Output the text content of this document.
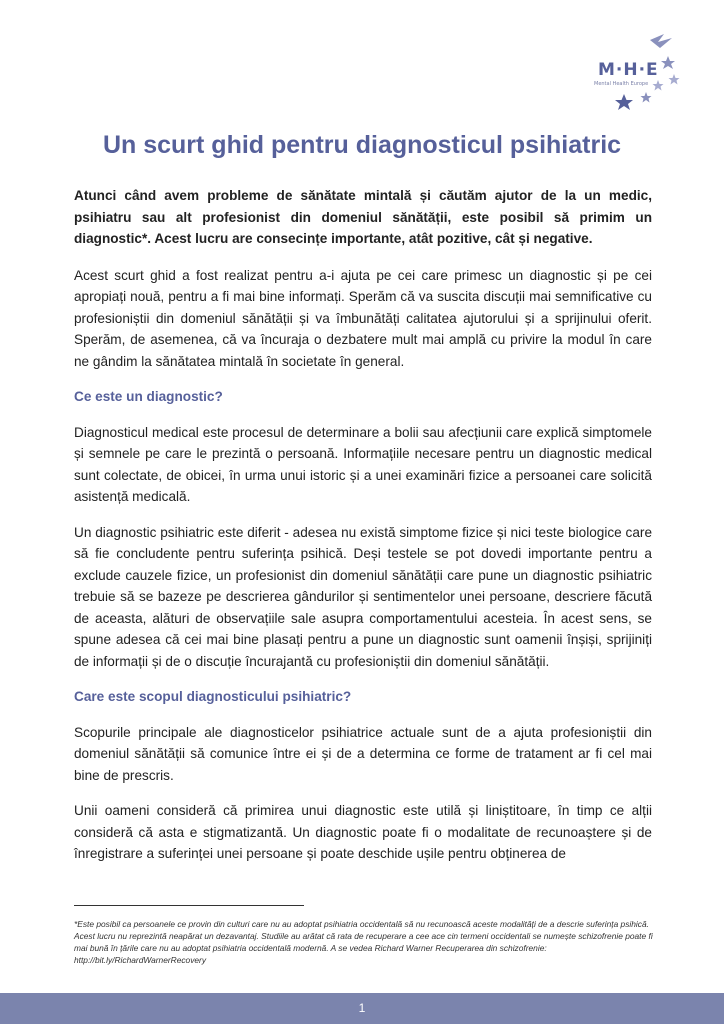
M·H·E
Mental Health Europe
Un scurt ghid pentru diagnosticul psihiatric

Atunci când avem probleme de sănătate mintală și căutăm ajutor de la un medic, psihiatru sau alt profesionist din domeniul sănătății, este posibil să primim un diagnostic*. Acest lucru are consecințe importante, atât pozitive, cât și negative.

Acest scurt ghid a fost realizat pentru a-i ajuta pe cei care primesc un diagnostic și pe cei apropiați nouă, pentru a fi mai bine informați. Sperăm că va suscita discuții mai semnificative cu profesioniștii din domeniul sănătății și va îmbunătăți calitatea ajutorului și a sprijinului oferit. Sperăm, de asemenea, că va încuraja o dezbatere mult mai amplă cu privire la modul în care ne gândim la sănătatea mintală în societate în general.

Ce este un diagnostic?

Diagnosticul medical este procesul de determinare a bolii sau afecțiunii care explică simptomele și semnele pe care le prezintă o persoană. Informațiile necesare pentru un diagnostic medical sunt colectate, de obicei, în urma unui istoric și a unei examinări fizice a persoanei care solicită asistență medicală.

Un diagnostic psihiatric este diferit - adesea nu există simptome fizice și nici teste biologice care să fie concludente pentru suferința psihică. Deși testele se pot dovedi importante pentru a exclude cauzele fizice, un profesionist din domeniul sănătății care pune un diagnostic psihiatric trebuie să se bazeze pe descrierea gândurilor și sentimentelor unei persoane, descriere făcută de aceasta, alături de observațiile sale asupra comportamentului acesteia. În acest sens, se spune adesea că cei mai bine plasați pentru a pune un diagnostic sunt oamenii înșiși, sprijiniți de informații și de o discuție încurajantă cu profesioniștii din domeniul sănătății.

Care este scopul diagnosticului psihiatric?

Scopurile principale ale diagnosticelor psihiatrice actuale sunt de a ajuta profesioniștii din domeniul sănătății să comunice între ei și de a determina ce forme de tratament ar fi cel mai bine de prescris.

Unii oameni consideră că primirea unui diagnostic este utilă și liniștitoare, în timp ce alții consideră că asta e stigmatizantă. Un diagnostic poate fi o modalitate de recunoaștere și de înregistrare a suferinței unei persoane și poate deschide ușile pentru obținerea de

*Este posibil ca persoanele ce provin din culturi care nu au adoptat psihiatria occidentală să nu recunoască aceste modalități de a descrie suferința psihică. Acest lucru nu reprezintă neapărat un dezavantaj. Studiile au arătat că rata de recuperare a cee ace cin termeni occidentali se numește schizofrenie poate fi mai bună în țările care nu au adoptat psihiatria occidentală modernă. A se vedea Richard Warner Recuperarea din schizofrenie: http://bit.ly/RichardWarnerRecovery
1
